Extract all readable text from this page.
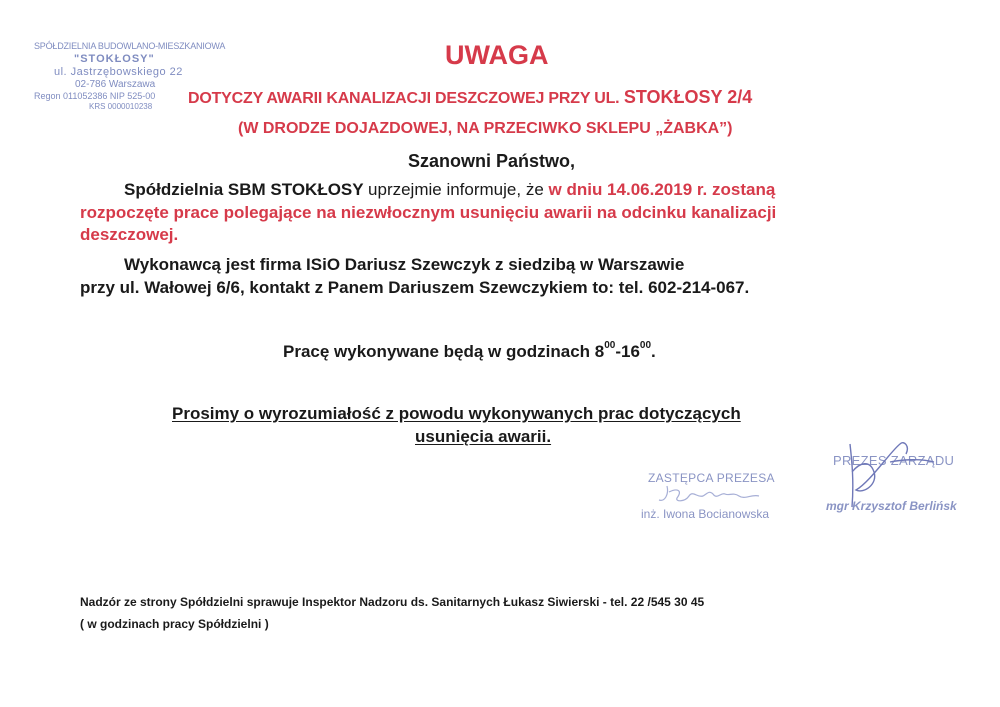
SPÓŁDZIELNIA BUDOWLANO-MIESZKANIOWA
"STOKŁOSY"
ul. Jastrzębowskiego 22
02-786 Warszawa
Regon 011052386 NIP 525-00
KRS 0000010238
UWAGA
DOTYCZY AWARII KANALIZACJI DESZCZOWEJ PRZY UL. STOKŁOSY 2/4
(W DRODZE DOJAZDOWEJ, NA PRZECIWKO SKLEPU „ŻABKA”)
Szanowni Państwo,
Spółdzielnia SBM STOKŁOSY uprzejmie informuje, że w dniu 14.06.2019 r. zostaną
rozpoczęte prace polegające na niezwłocznym usunięciu awarii na odcinku kanalizacji
deszczowej.
Wykonawcą jest firma ISiO Dariusz Szewczyk z siedzibą w Warszawie
przy ul. Wałowej 6/6, kontakt z Panem Dariuszem Szewczykiem to: tel. 602-214-067.
Pracę wykonywane będą w godzinach $8^{00}-16^{00}$.
Prosimy o wyrozumiałość z powodu wykonywanych prac dotyczących
usunięcia awarii.
ZASTĘPCA PREZESA
inż. Iwona Bocianowska
PREZES ZARZĄDU
mgr Krzysztof Berlińsk
Nadzór ze strony Spółdzielni sprawuje Inspektor Nadzoru ds. Sanitarnych Łukasz Siwierski - tel. 22 /545 30 45
( w godzinach pracy Spółdzielni )
